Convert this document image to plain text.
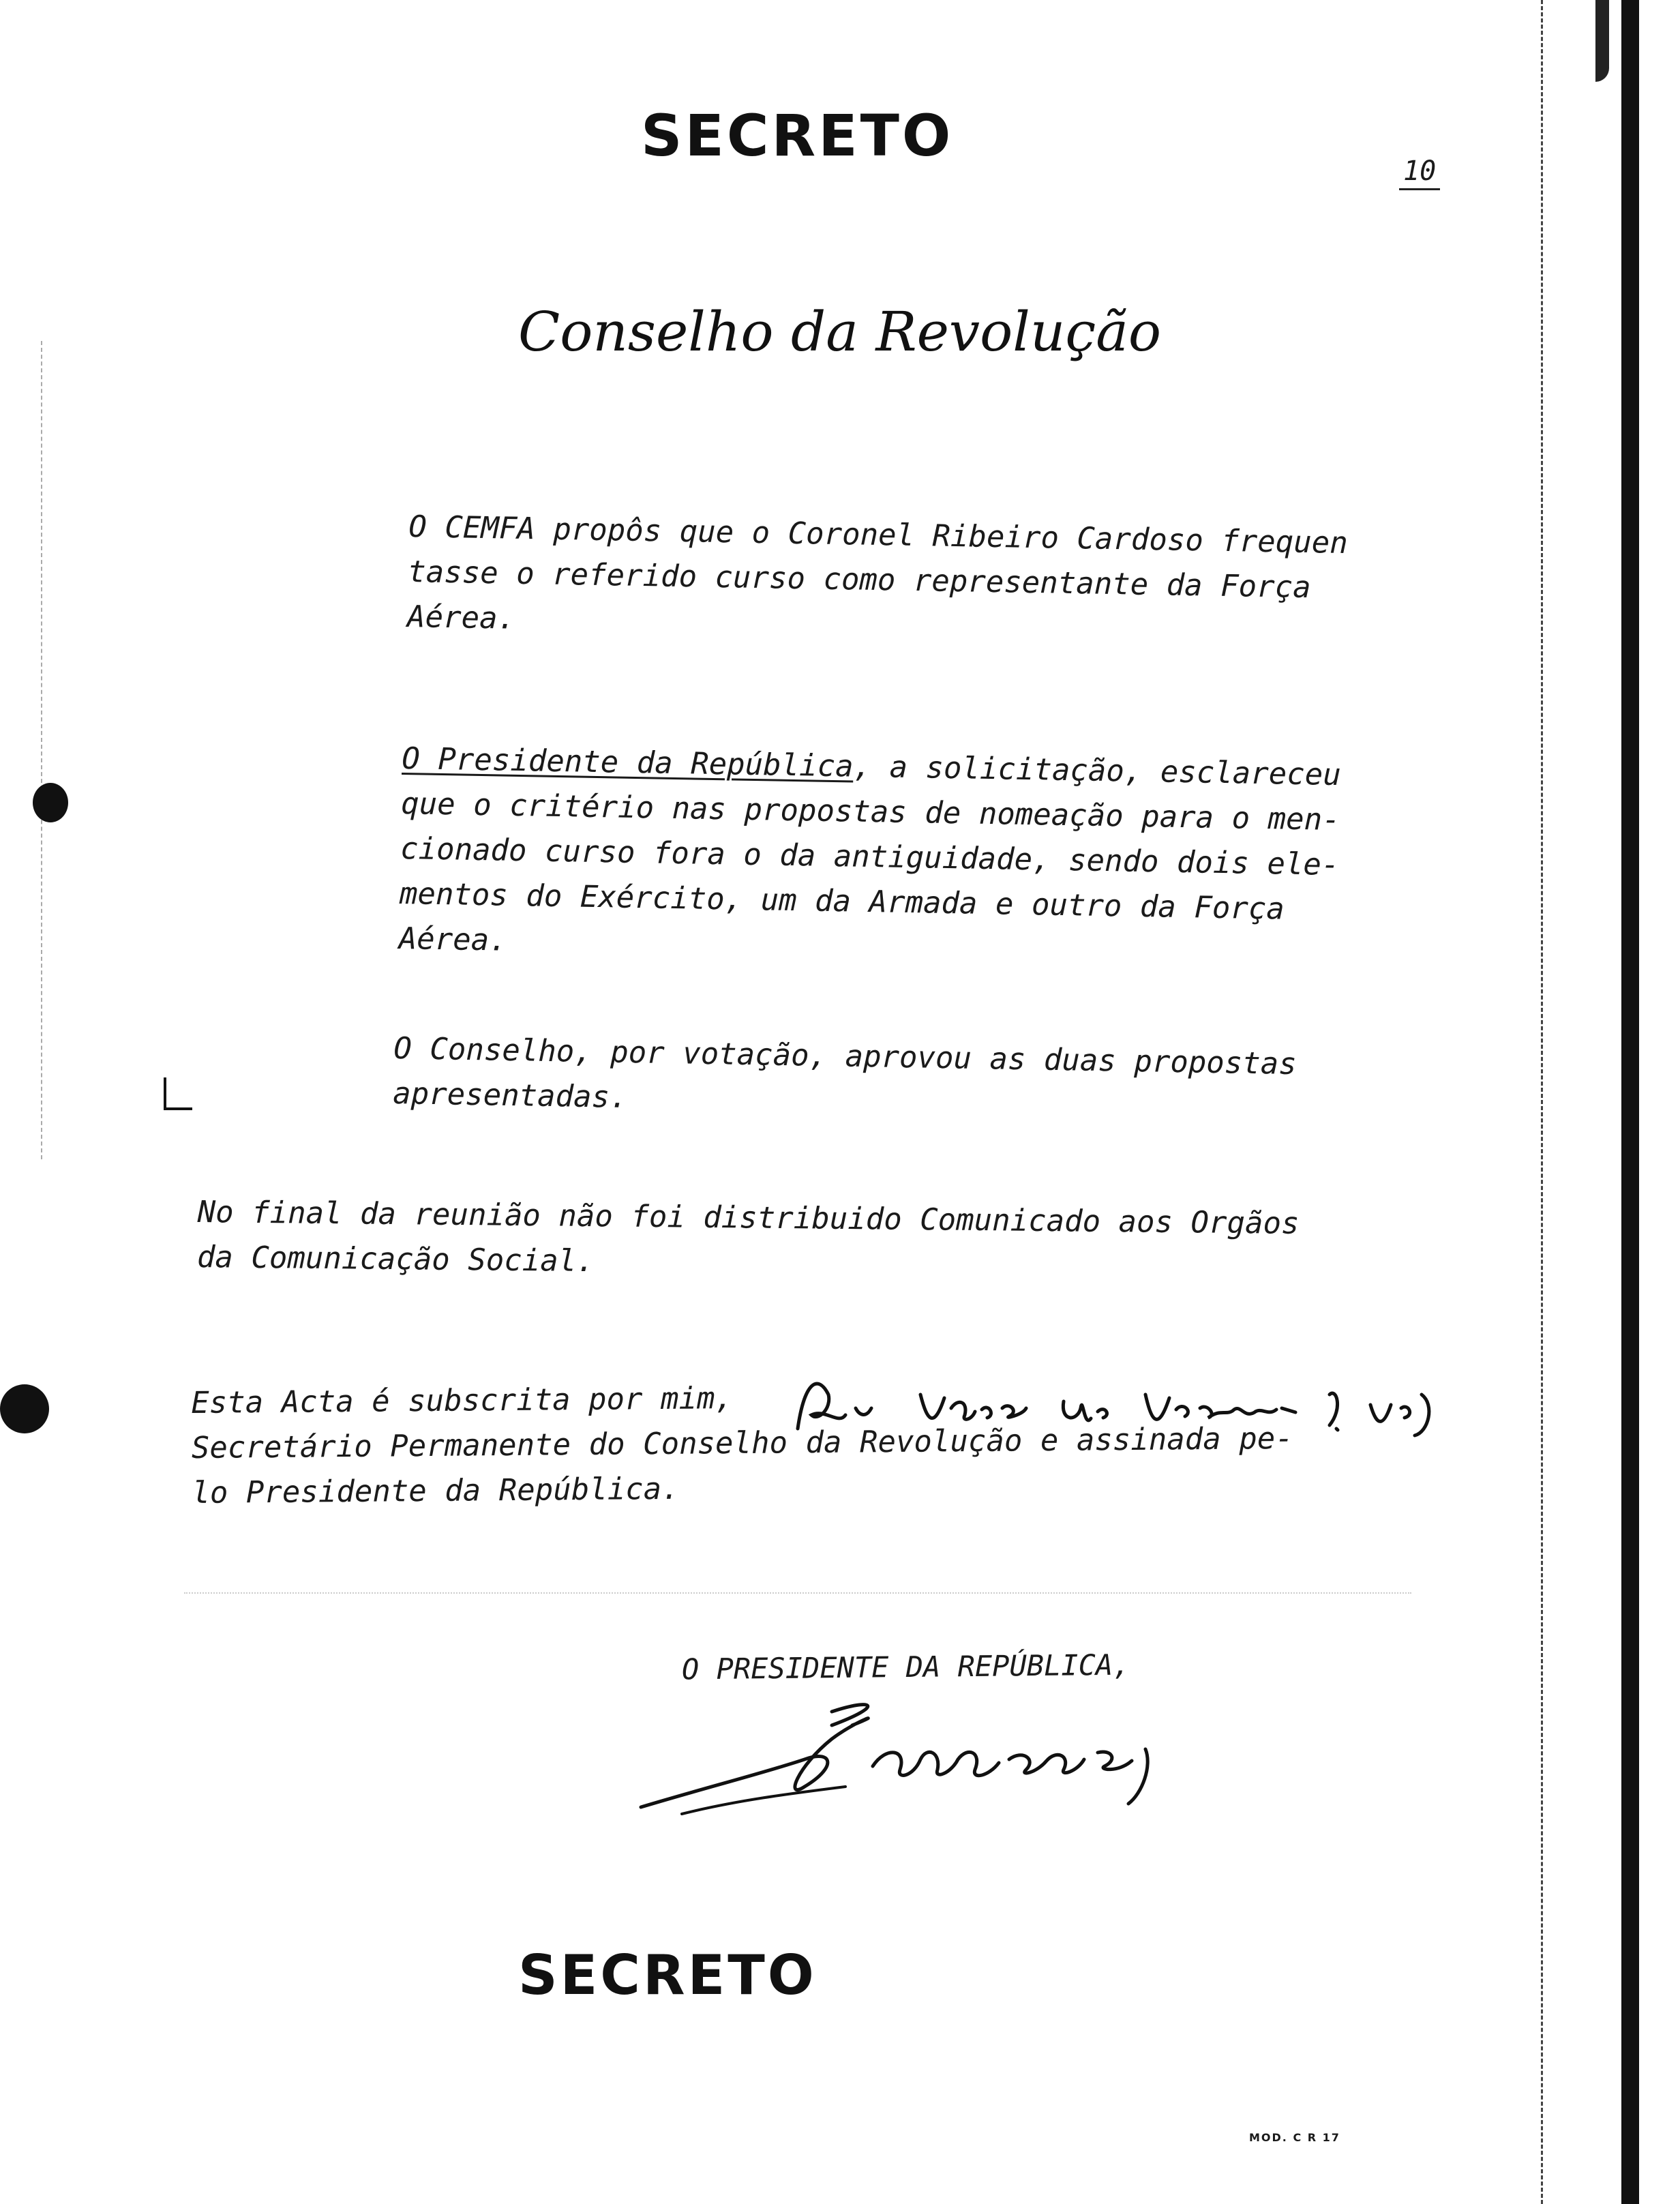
SECRETO
10
Conselho da Revolução
O CEMFA propôs que o Coronel Ribeiro Cardoso frequen
tasse o referido curso como representante da Força
Aérea.
O Presidente da República, a solicitação, esclareceu
que o critério nas propostas de nomeação para o men-
cionado curso fora o da antiguidade, sendo dois ele-
mentos do Exército, um da Armada e outro da Força
Aérea.
O Conselho, por votação, aprovou as duas propostas
apresentadas.
No final da reunião não foi distribuido Comunicado aos Orgãos
da Comunicação Social.
Esta Acta é subscrita por mim,
Secretário Permanente do Conselho da Revolução e assinada pe-
lo Presidente da República.
O PRESIDENTE DA REPÚBLICA,
SECRETO
MOD. C R 17
